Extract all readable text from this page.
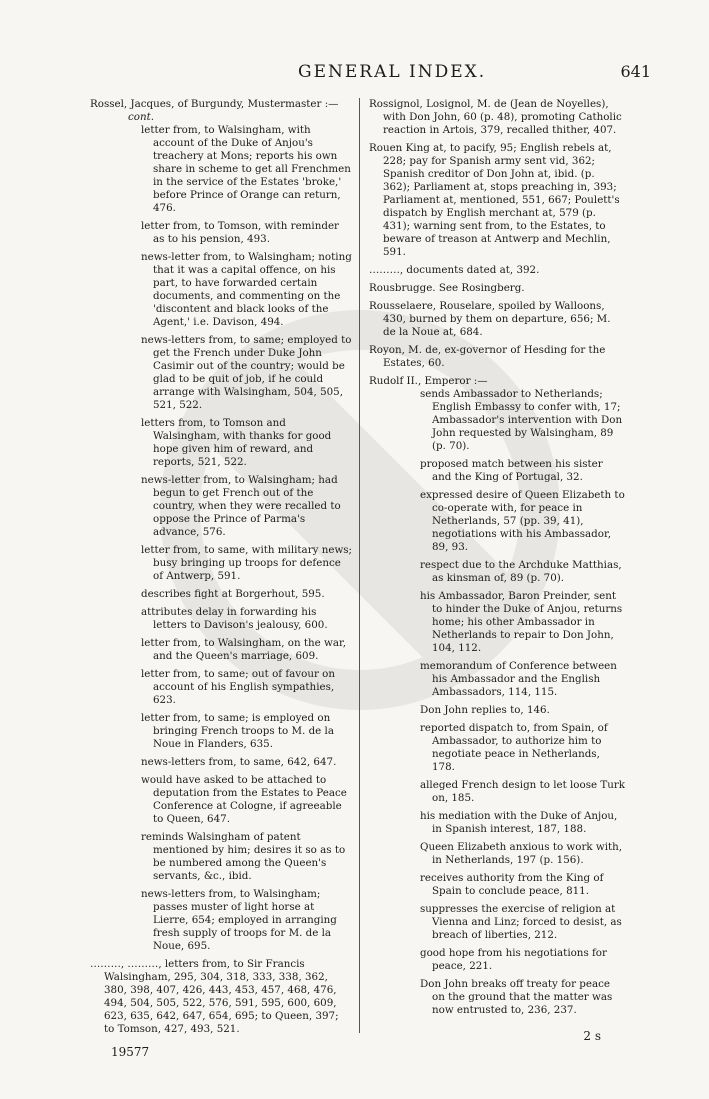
GENERAL INDEX.	641
Rossel, Jacques, of Burgundy, Mustermaster :—
cont.
letter from, to Walsingham, with account of the Duke of Anjou's treachery at Mons; reports his own share in scheme to get all Frenchmen in the service of the Estates 'broke,' before Prince of Orange can return, 476.
letter from, to Tomson, with reminder as to his pension, 493.
news-letter from, to Walsingham; noting that it was a capital offence, on his part, to have forwarded certain documents, and commenting on the 'discontent and black looks of the Agent,' i.e. Davison, 494.
news-letters from, to same; employed to get the French under Duke John Casimir out of the country; would be glad to be quit of job, if he could arrange with Walsingham, 504, 505, 521, 522.
letters from, to Tomson and Walsingham, with thanks for good hope given him of reward, and reports, 521, 522.
news-letter from, to Walsingham; had begun to get French out of the country, when they were recalled to oppose the Prince of Parma's advance, 576.
letter from, to same, with military news; busy bringing up troops for defence of Antwerp, 591.
describes fight at Borgerhout, 595.
attributes delay in forwarding his letters to Davison's jealousy, 600.
letter from, to Walsingham, on the war, and the Queen's marriage, 609.
letter from, to same; out of favour on account of his English sympathies, 623.
letter from, to same; is employed on bringing French troops to M. de la Noue in Flanders, 635.
news-letters from, to same, 642, 647.
would have asked to be attached to deputation from the Estates to Peace Conference at Cologne, if agreeable to Queen, 647.
reminds Walsingham of patent mentioned by him; desires it so as to be numbered among the Queen's servants, &c., ibid.
news-letters from, to Walsingham; passes muster of light horse at Lierre, 654; employed in arranging fresh supply of troops for M. de la Noue, 695.
………, ………, letters from, to Sir Francis Walsingham, 295, 304, 318, 333, 338, 362, 380, 398, 407, 426, 443, 453, 457, 468, 476, 494, 504, 505, 522, 576, 591, 595, 600, 609, 623, 635, 642, 647, 654, 695; to Queen, 397; to Tomson, 427, 493, 521.
Rossignol, Losignol, M. de (Jean de Noyelles), with Don John, 60 (p. 48), promoting Catholic reaction in Artois, 379, recalled thither, 407.
Rouen King at, to pacify, 95; English rebels at, 228; pay for Spanish army sent vid, 362; Spanish creditor of Don John at, ibid. (p. 362); Parliament at, stops preaching in, 393; Parliament at, mentioned, 551, 667; Poulett's dispatch by English merchant at, 579 (p. 431); warning sent from, to the Estates, to beware of treason at Antwerp and Mechlin, 591.
………, documents dated at, 392.
Rousbrugge. See Rosingberg.
Rousselaere, Rouselare, spoiled by Walloons, 430, burned by them on departure, 656; M. de la Noue at, 684.
Royon, M. de, ex-governor of Hesding for the Estates, 60.
Rudolf II., Emperor :—
sends Ambassador to Netherlands; English Embassy to confer with, 17; Ambassador's intervention with Don John requested by Walsingham, 89 (p. 70).
proposed match between his sister and the King of Portugal, 32.
expressed desire of Queen Elizabeth to co-operate with, for peace in Netherlands, 57 (pp. 39, 41), negotiations with his Ambassador, 89, 93.
respect due to the Archduke Matthias, as kinsman of, 89 (p. 70).
his Ambassador, Baron Preinder, sent to hinder the Duke of Anjou, returns home; his other Ambassador in Netherlands to repair to Don John, 104, 112.
memorandum of Conference between his Ambassador and the English Ambassadors, 114, 115.
Don John replies to, 146.
reported dispatch to, from Spain, of Ambassador, to authorize him to negotiate peace in Netherlands, 178.
alleged French design to let loose Turk on, 185.
his mediation with the Duke of Anjou, in Spanish interest, 187, 188.
Queen Elizabeth anxious to work with, in Netherlands, 197 (p. 156).
receives authority from the King of Spain to conclude peace, 811.
suppresses the exercise of religion at Vienna and Linz; forced to desist, as breach of liberties, 212.
good hope from his negotiations for peace, 221.
Don John breaks off treaty for peace on the ground that the matter was now entrusted to, 236, 237.
19577
2 s
